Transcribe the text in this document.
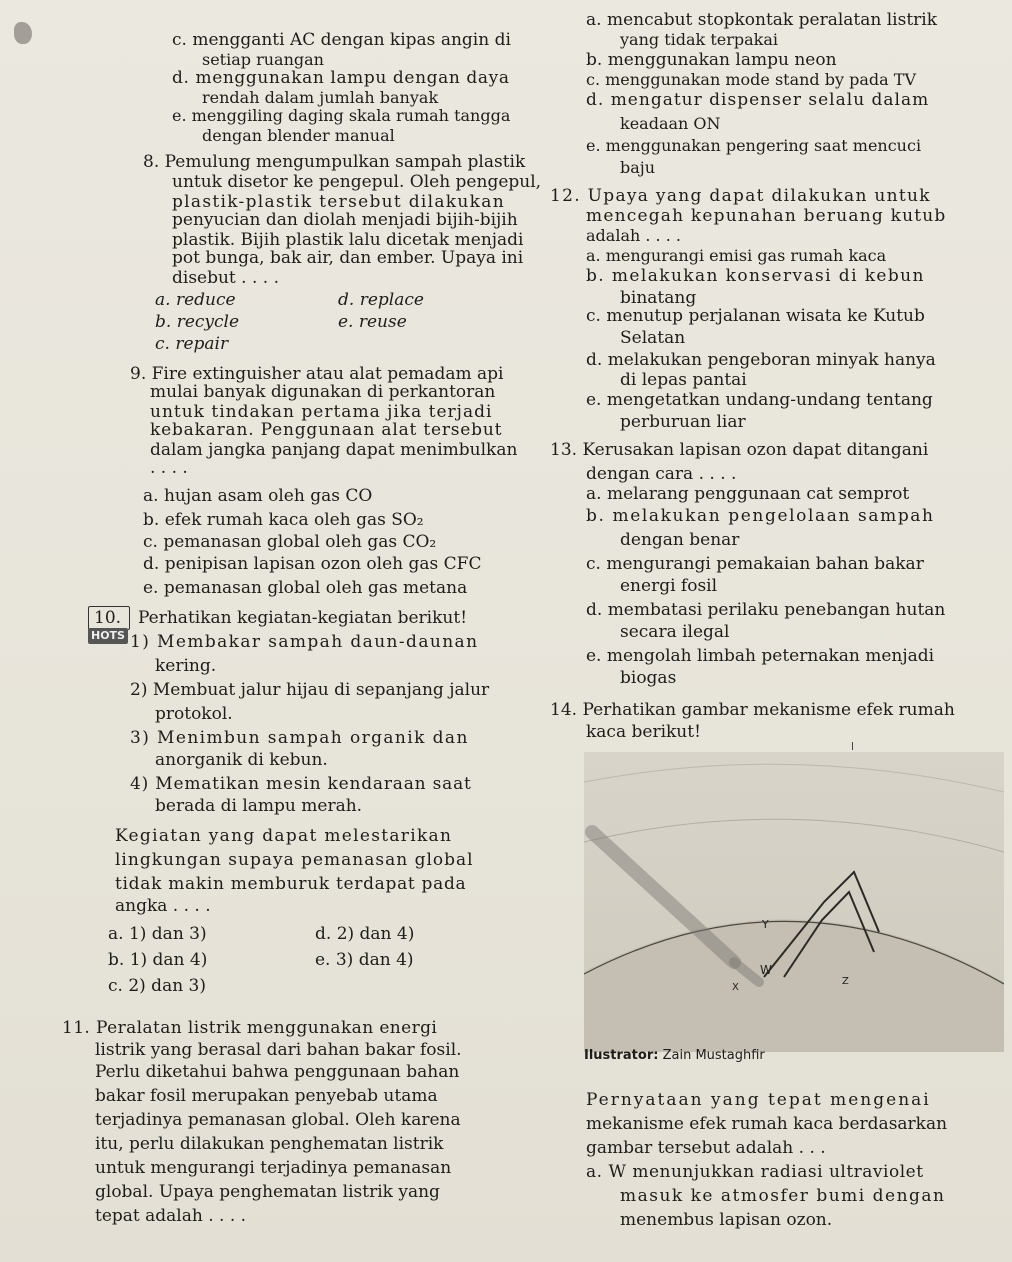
c. mengganti AC dengan kipas angin di
setiap ruangan
d. menggunakan lampu dengan daya
rendah dalam jumlah banyak
e. menggiling daging skala rumah tangga
dengan blender manual
8. Pemulung mengumpulkan sampah plastik
untuk disetor ke pengepul. Oleh pengepul,
plastik-plastik tersebut dilakukan
penyucian dan diolah menjadi bijih-bijih
plastik. Bijih plastik lalu dicetak menjadi
pot bunga, bak air, dan ember. Upaya ini
disebut . . . .
a. reduce	d. replace
b. recycle	e. reuse
c. repair
9. Fire extinguisher atau alat pemadam api
mulai banyak digunakan di perkantoran
untuk tindakan pertama jika terjadi
kebakaran. Penggunaan alat tersebut
dalam jangka panjang dapat menimbulkan
. . . .
a. hujan asam oleh gas CO
b. efek rumah kaca oleh gas SO₂
c. pemanasan global oleh gas CO₂
d. penipisan lapisan ozon oleh gas CFC
e. pemanasan global oleh gas metana
10. Perhatikan kegiatan-kegiatan berikut!
HOTS 1) Membakar sampah daun-daunan
kering.
2) Membuat jalur hijau di sepanjang jalur
protokol.
3) Menimbun sampah organik dan
anorganik di kebun.
4) Mematikan mesin kendaraan saat
berada di lampu merah.
Kegiatan yang dapat melestarikan
lingkungan supaya pemanasan global
tidak makin memburuk terdapat pada
angka . . . .
a. 1) dan 3)	d. 2) dan 4)
b. 1) dan 4)	e. 3) dan 4)
c. 2) dan 3)
11. Peralatan listrik menggunakan energi
listrik yang berasal dari bahan bakar fosil.
Perlu diketahui bahwa penggunaan bahan
bakar fosil merupakan penyebab utama
terjadinya pemanasan global. Oleh karena
itu, perlu dilakukan penghematan listrik
untuk mengurangi terjadinya pemanasan
global. Upaya penghematan listrik yang
tepat adalah . . . .
a. mencabut stopkontak peralatan listrik
yang tidak terpakai
b. menggunakan lampu neon
c. menggunakan mode stand by pada TV
d. mengatur dispenser selalu dalam
keadaan ON
e. menggunakan pengering saat mencuci
baju
12. Upaya yang dapat dilakukan untuk
mencegah kepunahan beruang kutub
adalah . . . .
a. mengurangi emisi gas rumah kaca
b. melakukan konservasi di kebun
binatang
c. menutup perjalanan wisata ke Kutub
Selatan
d. melakukan pengeboran minyak hanya
di lepas pantai
e. mengetatkan undang-undang tentang
perburuan liar
13. Kerusakan lapisan ozon dapat ditangani
dengan cara . . . .
a. melarang penggunaan cat semprot
b. melakukan pengelolaan sampah
dengan benar
c. mengurangi pemakaian bahan bakar
energi fosil
d. membatasi perilaku penebangan hutan
secara ilegal
e. mengolah limbah peternakan menjadi
biogas
14. Perhatikan gambar mekanisme efek rumah
kaca berikut!
W
Y
X
Z
Ilustrator: Zain Mustaghfir
Pernyataan yang tepat mengenai
mekanisme efek rumah kaca berdasarkan
gambar tersebut adalah . . .
a. W menunjukkan radiasi ultraviolet
masuk ke atmosfer bumi dengan
menembus lapisan ozon.
